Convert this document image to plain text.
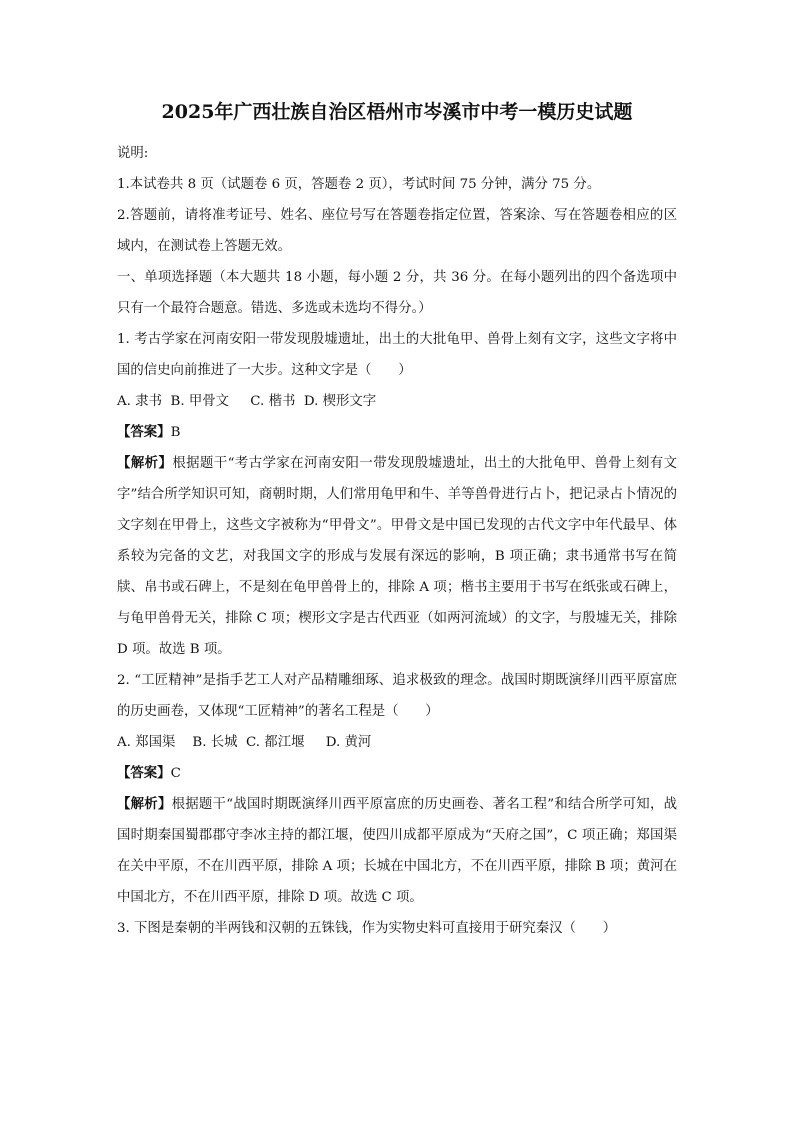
2025年广西壮族自治区梧州市岑溪市中考一模历史试题

说明:

1.本试卷共 8 页（试题卷 6 页，答题卷 2 页），考试时间 75 分钟，满分 75 分。

2.答题前，请将准考证号、姓名、座位号写在答题卷指定位置，答案涂、写在答题卷相应的区域内，在测试卷上答题无效。

一、单项选择题（本大题共 18 小题，每小题 2 分，共 36 分。在每小题列出的四个备选项中只有一个最符合题意。错选、多选或未选均不得分。）

1. 考古学家在河南安阳一带发现殷墟遗址，出土的大批龟甲、兽骨上刻有文字，这些文字将中国的信史向前推进了一大步。这种文字是（　　）

A. 隶书  B. 甲骨文     C. 楷书  D. 楔形文字

【答案】B

【解析】根据题干“考古学家在河南安阳一带发现殷墟遗址，出土的大批龟甲、兽骨上刻有文字”结合所学知识可知，商朝时期，人们常用龟甲和牛、羊等兽骨进行占卜，把记录占卜情况的文字刻在甲骨上，这些文字被称为“甲骨文”。甲骨文是中国已发现的古代文字中年代最早、体系较为完备的文艺，对我国文字的形成与发展有深远的影响，B 项正确；隶书通常书写在简牍、帛书或石碑上，不是刻在龟甲兽骨上的，排除 A 项；楷书主要用于书写在纸张或石碑上，与龟甲兽骨无关，排除 C 项；楔形文字是古代西亚（如两河流域）的文字，与殷墟无关，排除 D 项。故选 B 项。

2. “工匠精神”是指手艺工人对产品精雕细琢、追求极致的理念。战国时期既演绎川西平原富庶的历史画卷，又体现“工匠精神”的著名工程是（　　）

A. 郑国渠    B. 长城  C. 都江堰     D. 黄河

【答案】C

【解析】根据题干“战国时期既演绎川西平原富庶的历史画卷、著名工程”和结合所学可知，战国时期秦国蜀郡郡守李冰主持的都江堰，使四川成都平原成为“天府之国”，C 项正确；郑国渠在关中平原，不在川西平原，排除 A 项；长城在中国北方，不在川西平原，排除 B 项；黄河在中国北方，不在川西平原，排除 D 项。故选 C 项。

3. 下图是秦朝的半两钱和汉朝的五铢钱，作为实物史料可直接用于研究秦汉（　　）
